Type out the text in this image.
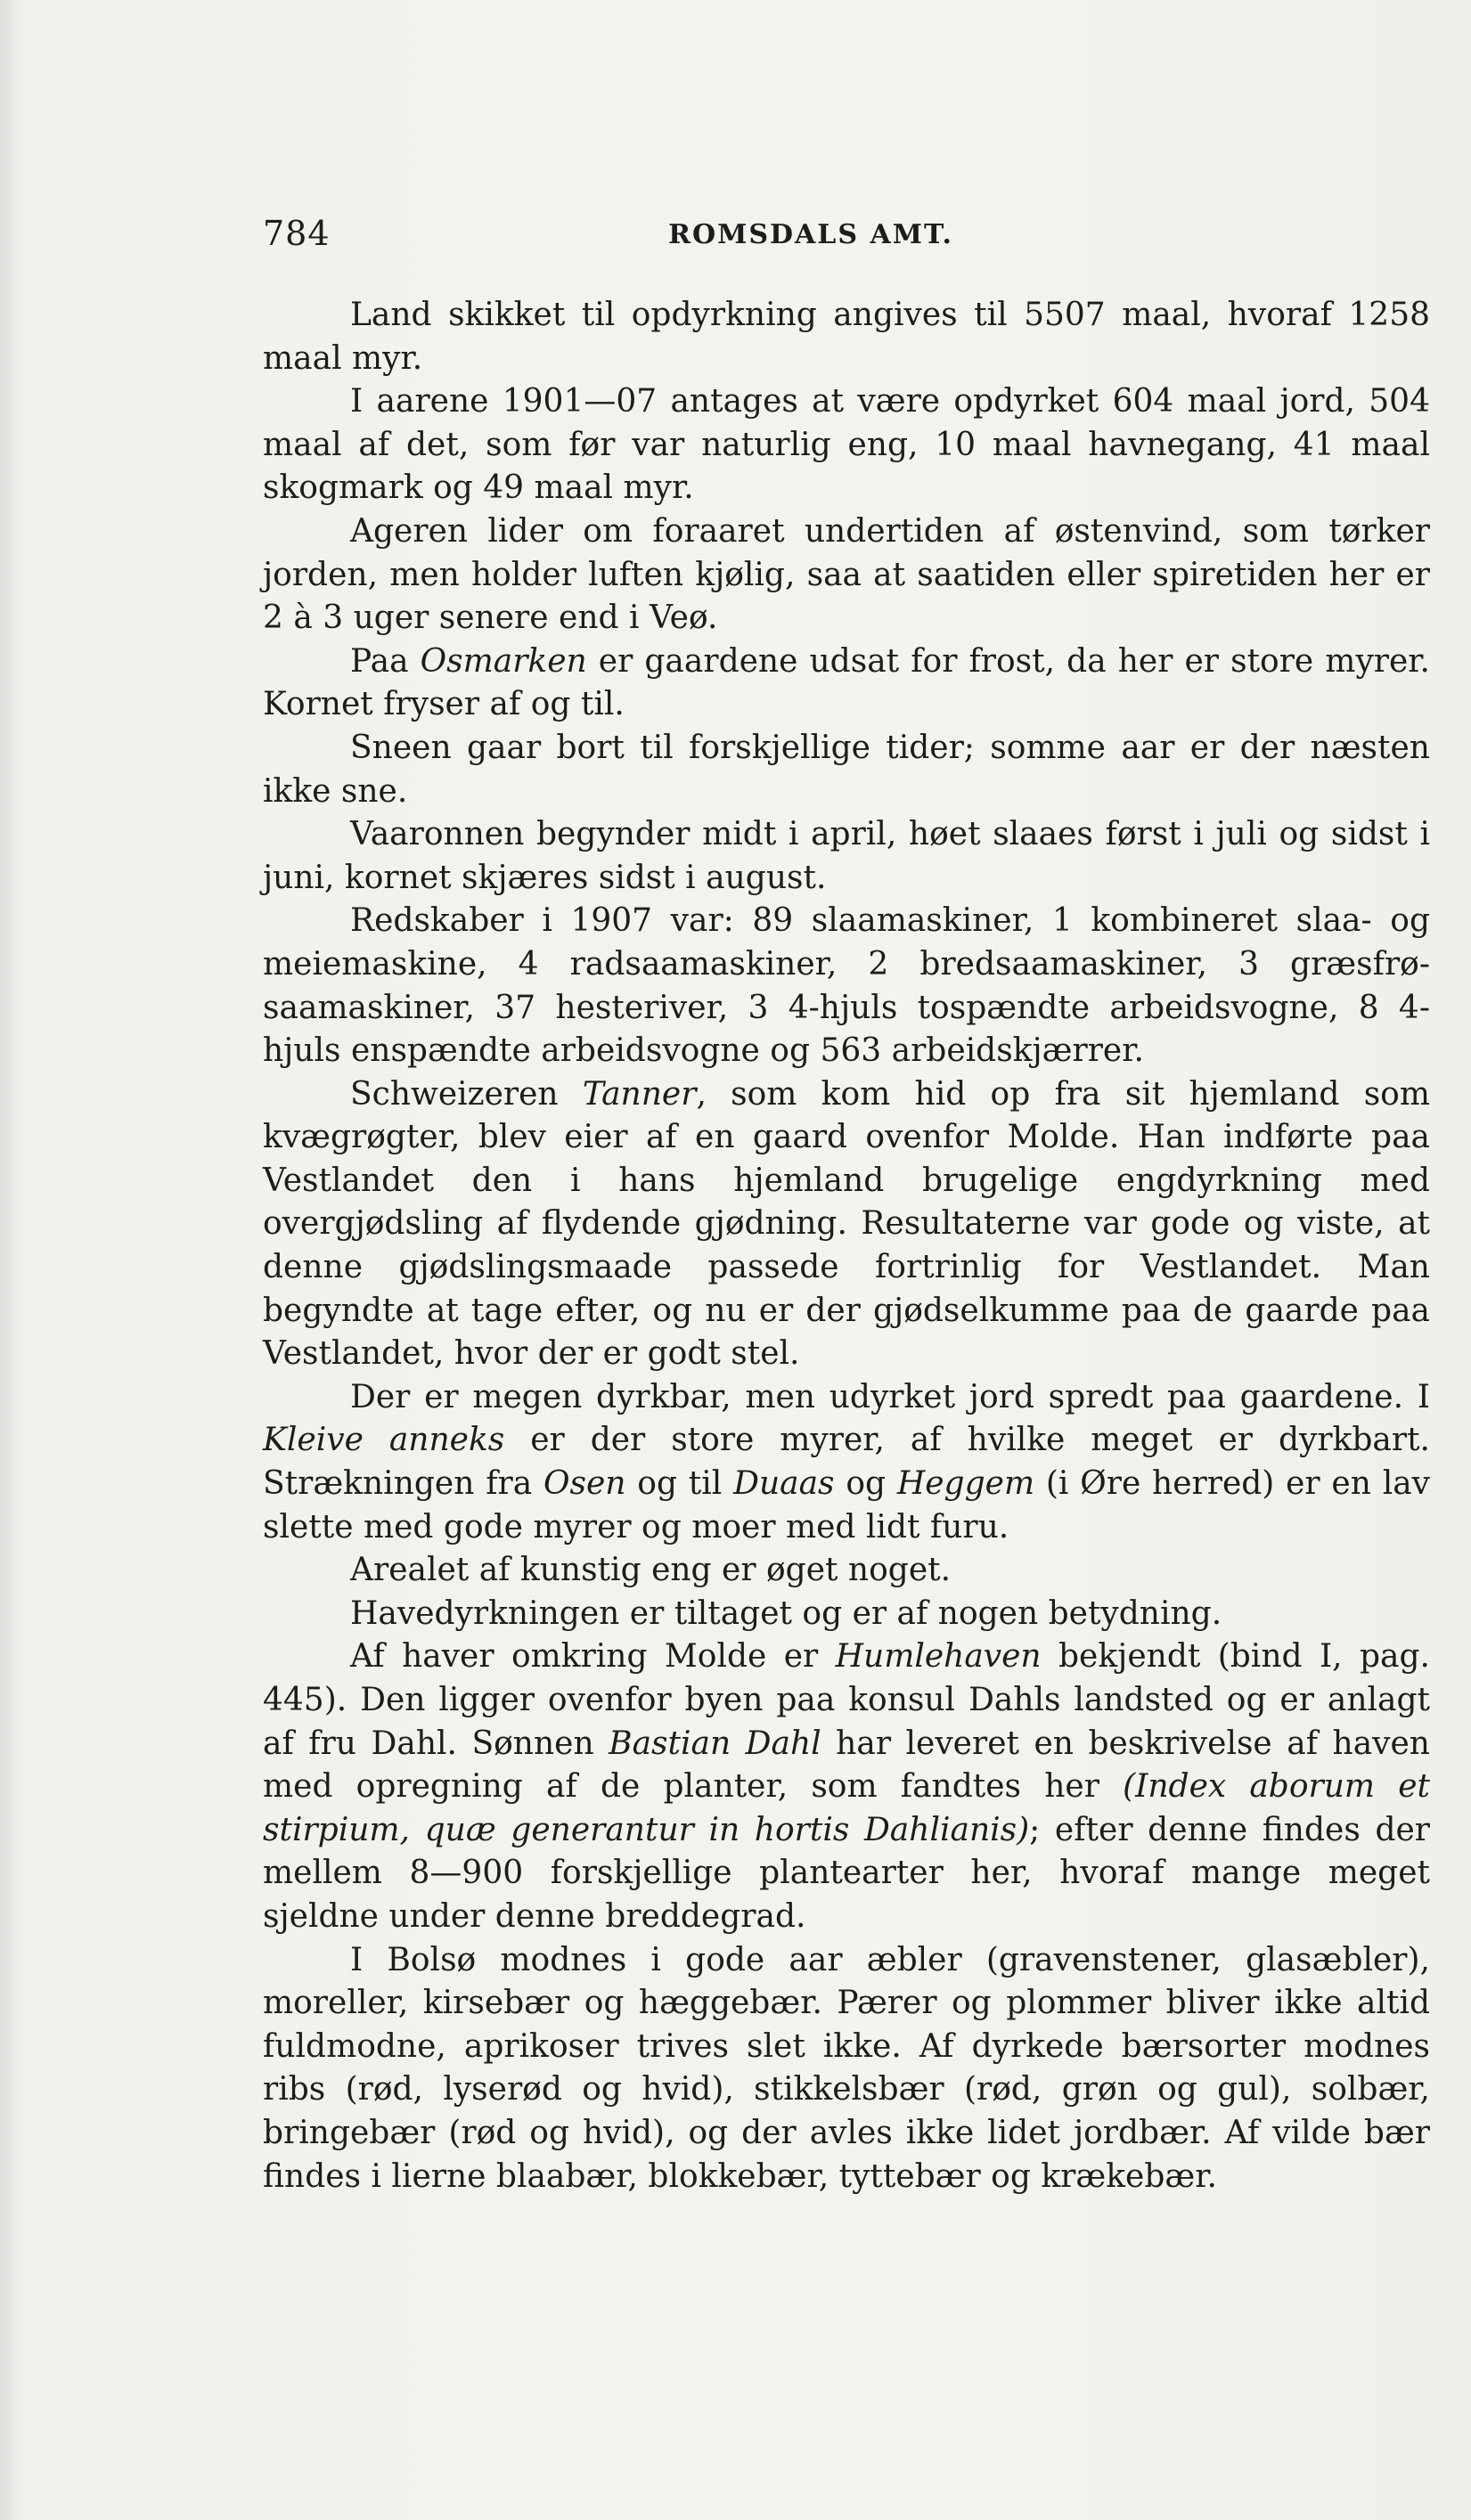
784	ROMSDALS AMT.

Land skikket til opdyrkning angives til 5507 maal, hvoraf 1258 maal myr.

I aarene 1901—07 antages at være opdyrket 604 maal jord, 504 maal af det, som før var naturlig eng, 10 maal havnegang, 41 maal skogmark og 49 maal myr.

Ageren lider om foraaret undertiden af østenvind, som tørker jorden, men holder luften kjølig, saa at saatiden eller spiretiden her er 2 à 3 uger senere end i Veø.

Paa Osmarken er gaardene udsat for frost, da her er store myrer. Kornet fryser af og til.

Sneen gaar bort til forskjellige tider; somme aar er der næsten ikke sne.

Vaaronnen begynder midt i april, høet slaaes først i juli og sidst i juni, kornet skjæres sidst i august.

Redskaber i 1907 var: 89 slaamaskiner, 1 kombineret slaa- og meiemaskine, 4 radsaamaskiner, 2 bredsaamaskiner, 3 græsfrø- saamaskiner, 37 hesteriver, 3 4-hjuls tospændte arbeidsvogne, 8 4-hjuls enspændte arbeidsvogne og 563 arbeidskjærrer.

Schweizeren Tanner, som kom hid op fra sit hjemland som kvægrøgter, blev eier af en gaard ovenfor Molde. Han indførte paa Vestlandet den i hans hjemland brugelige engdyrkning med overgjødsling af flydende gjødning. Resultaterne var gode og viste, at denne gjødslingsmaade passede fortrinlig for Vestlandet. Man begyndte at tage efter, og nu er der gjødselkumme paa de gaarde paa Vestlandet, hvor der er godt stel.

Der er megen dyrkbar, men udyrket jord spredt paa gaardene. I Kleive anneks er der store myrer, af hvilke meget er dyrkbart. Strækningen fra Osen og til Duaas og Heggem (i Øre herred) er en lav slette med gode myrer og moer med lidt furu.

Arealet af kunstig eng er øget noget.

Havedyrkningen er tiltaget og er af nogen betydning.

Af haver omkring Molde er Humlehaven bekjendt (bind I, pag. 445). Den ligger ovenfor byen paa konsul Dahls landsted og er anlagt af fru Dahl. Sønnen Bastian Dahl har leveret en beskrivelse af haven med opregning af de planter, som fandtes her (Index aborum et stirpium, quæ generantur in hortis Dahlianis); efter denne findes der mellem 8—900 forskjellige plantearter her, hvoraf mange meget sjeldne under denne breddegrad.

I Bolsø modnes i gode aar æbler (gravenstener, glasæbler), moreller, kirsebær og hæggebær. Pærer og plommer bliver ikke altid fuldmodne, aprikoser trives slet ikke. Af dyrkede bærsorter modnes ribs (rød, lyserød og hvid), stikkelsbær (rød, grøn og gul), solbær, bringebær (rød og hvid), og der avles ikke lidet jordbær. Af vilde bær findes i lierne blaabær, blokkebær, tyttebær og krækebær.
